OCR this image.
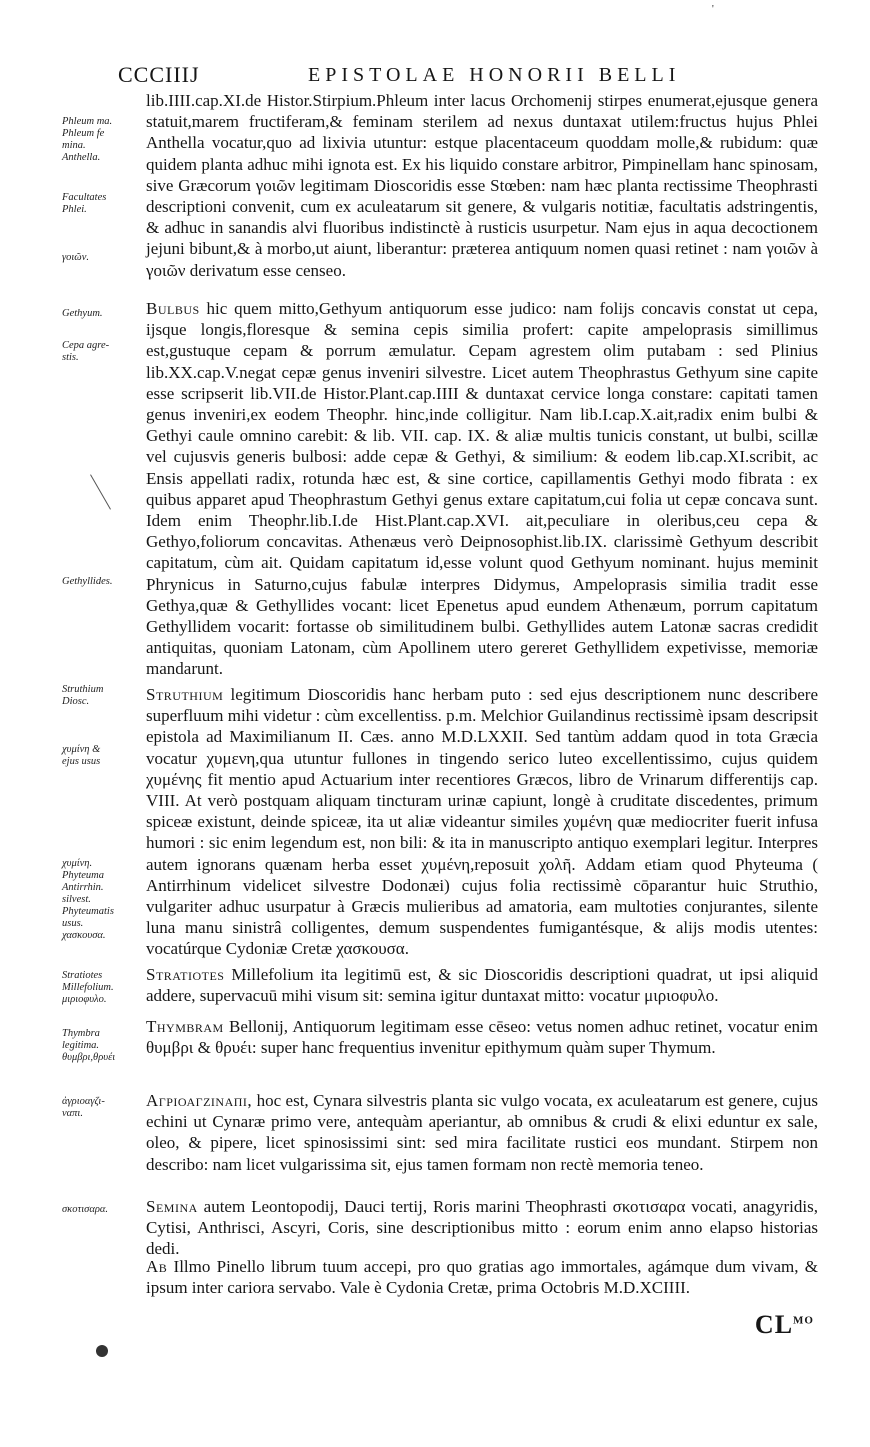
'
CCCIIIJ	EPISTOLAE HONORII BELLI
Phleum ma.
Phleum fe
mina.
Anthella.
Facultates
Phlei.
γοιῶν.
Gethyum.
Cepa agre-
stis.
Gethyllides.
Struthium
Diosc.
χυμίνη &
ejus usus
χυμίνη.
Phyteuma
Antirrhin.
silvest.
Phyteumatis
usus.
χασκουσα.
Stratiotes
Millefolium.
μιριοφυλο.
Thymbra
legitima.
θυμβρι,θρυέι
ἀγριοαγζι-
ναπι.
σκοτισαρα.
lib.IIII.cap.XI.de Histor.Stirpium.Phleum inter lacus Orchomenij stirpes enumerat,ejusque genera statuit,marem fructiferam,& feminam sterilem ad nexus duntaxat utilem:fructus hujus Phlei Anthella vocatur,quo ad lixivia utuntur: estque placentaceum quoddam molle,& rubidum: quæ quidem planta adhuc mihi ignota est. Ex his liquido constare arbitror, Pimpinellam hanc spinosam, sive Græcorum γοιῶν legitimam Dioscoridis esse Stœben: nam hæc planta rectissime Theophrasti descriptioni convenit, cum ex aculeatarum sit genere, & vulgaris notitiæ, facultatis adstringentis, & adhuc in sanandis alvi fluoribus indistinctè à rusticis usurpetur. Nam ejus in aqua decoctionem jejuni bibunt,& à morbo,ut aiunt, liberantur: præterea antiquum nomen quasi retinet : nam γοιῶν à γοιῶν derivatum esse censeo.
Bulbus hic quem mitto,Gethyum antiquorum esse judico: nam folijs concavis constat ut cepa, ijsque longis,floresque & semina cepis similia profert: capite ampeloprasis simillimus est,gustuque cepam & porrum æmulatur. Cepam agrestem olim putabam : sed Plinius lib.XX.cap.V.negat cepæ genus inveniri silvestre. Licet autem Theophrastus Gethyum sine capite esse scripserit lib.VII.de Histor.Plant.cap.IIII & duntaxat cervice longa constare: capitati tamen genus inveniri,ex eodem Theophr. hinc,inde colligitur. Nam lib.I.cap.X.ait,radix enim bulbi & Gethyi caule omnino carebit: & lib. VII. cap. IX. & aliæ multis tunicis constant, ut bulbi, scillæ vel cujusvis generis bulbosi: adde cepæ & Gethyi, & similium: & eodem lib.cap.XI.scribit, ac Ensis appellati radix, rotunda hæc est, & sine cortice, capillamentis Gethyi modo fibrata : ex quibus apparet apud Theophrastum Gethyi genus extare capitatum,cui folia ut cepæ concava sunt. Idem enim Theophr.lib.I.de Hist.Plant.cap.XVI. ait,peculiare in oleribus,ceu cepa & Gethyo,foliorum concavitas. Athenæus verò Deipnosophist.lib.IX. clarissimè Gethyum describit capitatum, cùm ait. Quidam capitatum id,esse volunt quod Gethyum nominant. hujus meminit Phrynicus in Saturno,cujus fabulæ interpres Didymus, Ampeloprasis similia tradit esse Gethya,quæ & Gethyllides vocant: licet Epenetus apud eundem Athenæum, porrum capitatum Gethyllidem vocarit: fortasse ob similitudinem bulbi. Gethyllides autem Latonæ sacras credidit antiquitas, quoniam Latonam, cùm Apollinem utero gereret Gethyllidem expetivisse, memoriæ mandarunt.
Struthium legitimum Dioscoridis hanc herbam puto : sed ejus descriptionem nunc describere superfluum mihi videtur : cùm excellentiss. p.m. Melchior Guilandinus rectissimè ipsam descripsit epistola ad Maximilianum II. Cæs. anno M.D.LXXII. Sed tantùm addam quod in tota Græcia vocatur χυμενη,qua utuntur fullones in tingendo serico luteo excellentissimo, cujus quidem χυμένης fit mentio apud Actuarium inter recentiores Græcos, libro de Vrinarum differentijs cap. VIII. At verò postquam aliquam tincturam urinæ capiunt, longè à cruditate discedentes, primum spiceæ existunt, deinde spiceæ, ita ut aliæ videantur similes χυμένη quæ mediocriter fuerit infusa humori : sic enim legendum est, non bili: & ita in manuscripto antiquo exemplari legitur. Interpres autem ignorans quænam herba esset χυμένη,reposuit χολῆ. Addam etiam quod Phyteuma ( Antirrhinum videlicet silvestre Dodonæi) cujus folia rectissimè cōparantur huic Struthio, vulgariter adhuc usurpatur à Græcis mulieribus ad amatoria, eam multoties conjurantes, silente luna manu sinistrâ colligentes, demum suspendentes fumigantésque, & alijs modis utentes: vocatúrque Cydoniæ Cretæ χασκουσα.
Stratiotes Millefolium ita legitimū est, & sic Dioscoridis descriptioni quadrat, ut ipsi aliquid addere, supervacuū mihi visum sit: semina igitur duntaxat mitto: vocatur μιριοφυλο.
Thymbram Bellonij, Antiquorum legitimam esse cēseo: vetus nomen adhuc retinet, vocatur enim θυμβρι & θρυέι: super hanc frequentius invenitur epithymum quàm super Thymum.
Αγριοαγζιναπι, hoc est, Cynara silvestris planta sic vulgo vocata, ex aculeatarum est genere, cujus echini ut Cynaræ primo vere, antequàm aperiantur, ab omnibus & crudi & elixi eduntur ex sale, oleo, & pipere, licet spinosissimi sint: sed mira facilitate rustici eos mundant. Stirpem non describo: nam licet vulgarissima sit, ejus tamen formam non rectè memoria teneo.
Semina autem Leontopodij, Dauci tertij, Roris marini Theophrasti σκοτισαρα vocati, anagyridis, Cytisi, Anthrisci, Ascyri, Coris, sine descriptionibus mitto : eorum enim anno elapso historias dedi.
Ab Illmo Pinello librum tuum accepi, pro quo gratias ago immortales, agámque dum vivam, & ipsum inter cariora servabo. Vale è Cydonia Cretæ, prima Octobris M.D.XCIIII.
$CL^{MO}$
